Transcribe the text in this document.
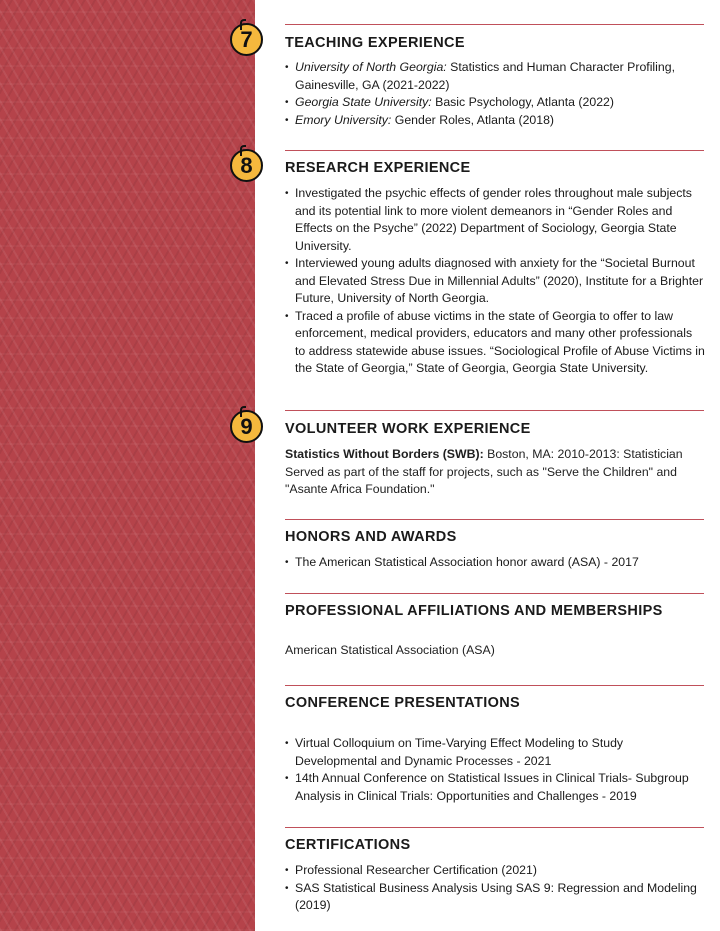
7	TEACHING EXPERIENCE
• University of North Georgia: Statistics and Human Character Profiling, Gainesville, GA (2021-2022)
• Georgia State University: Basic Psychology, Atlanta (2022)
• Emory University: Gender Roles, Atlanta (2018)
8	RESEARCH EXPERIENCE
• Investigated the psychic effects of gender roles throughout male subjects and its potential link to more violent demeanors in “Gender Roles and Effects on the Psyche” (2022) Department of Sociology, Georgia State University.
• Interviewed young adults diagnosed with anxiety for the “Societal Burnout and Elevated Stress Due in Millennial Adults” (2020), Institute for a Brighter Future, University of North Georgia.
• Traced a profile of abuse victims in the state of Georgia to offer to law enforcement, medical providers, educators and many other professionals to address statewide abuse issues. “Sociological Profile of Abuse Victims in the State of Georgia,” State of Georgia, Georgia State University.
9	VOLUNTEER WORK EXPERIENCE
Statistics Without Borders (SWB): Boston, MA: 2010-2013: Statistician Served as part of the staff for projects, such as "Serve the Children" and "Asante Africa Foundation."
HONORS AND AWARDS
• The American Statistical Association honor award (ASA) - 2017
PROFESSIONAL AFFILIATIONS AND MEMBERSHIPS
American Statistical Association (ASA)
CONFERENCE PRESENTATIONS
• Virtual Colloquium on Time-Varying Effect Modeling to Study Developmental and Dynamic Processes - 2021
• 14th Annual Conference on Statistical Issues in Clinical Trials- Subgroup Analysis in Clinical Trials: Opportunities and Challenges - 2019
CERTIFICATIONS
• Professional Researcher Certification (2021)
• SAS Statistical Business Analysis Using SAS 9: Regression and Modeling (2019)
